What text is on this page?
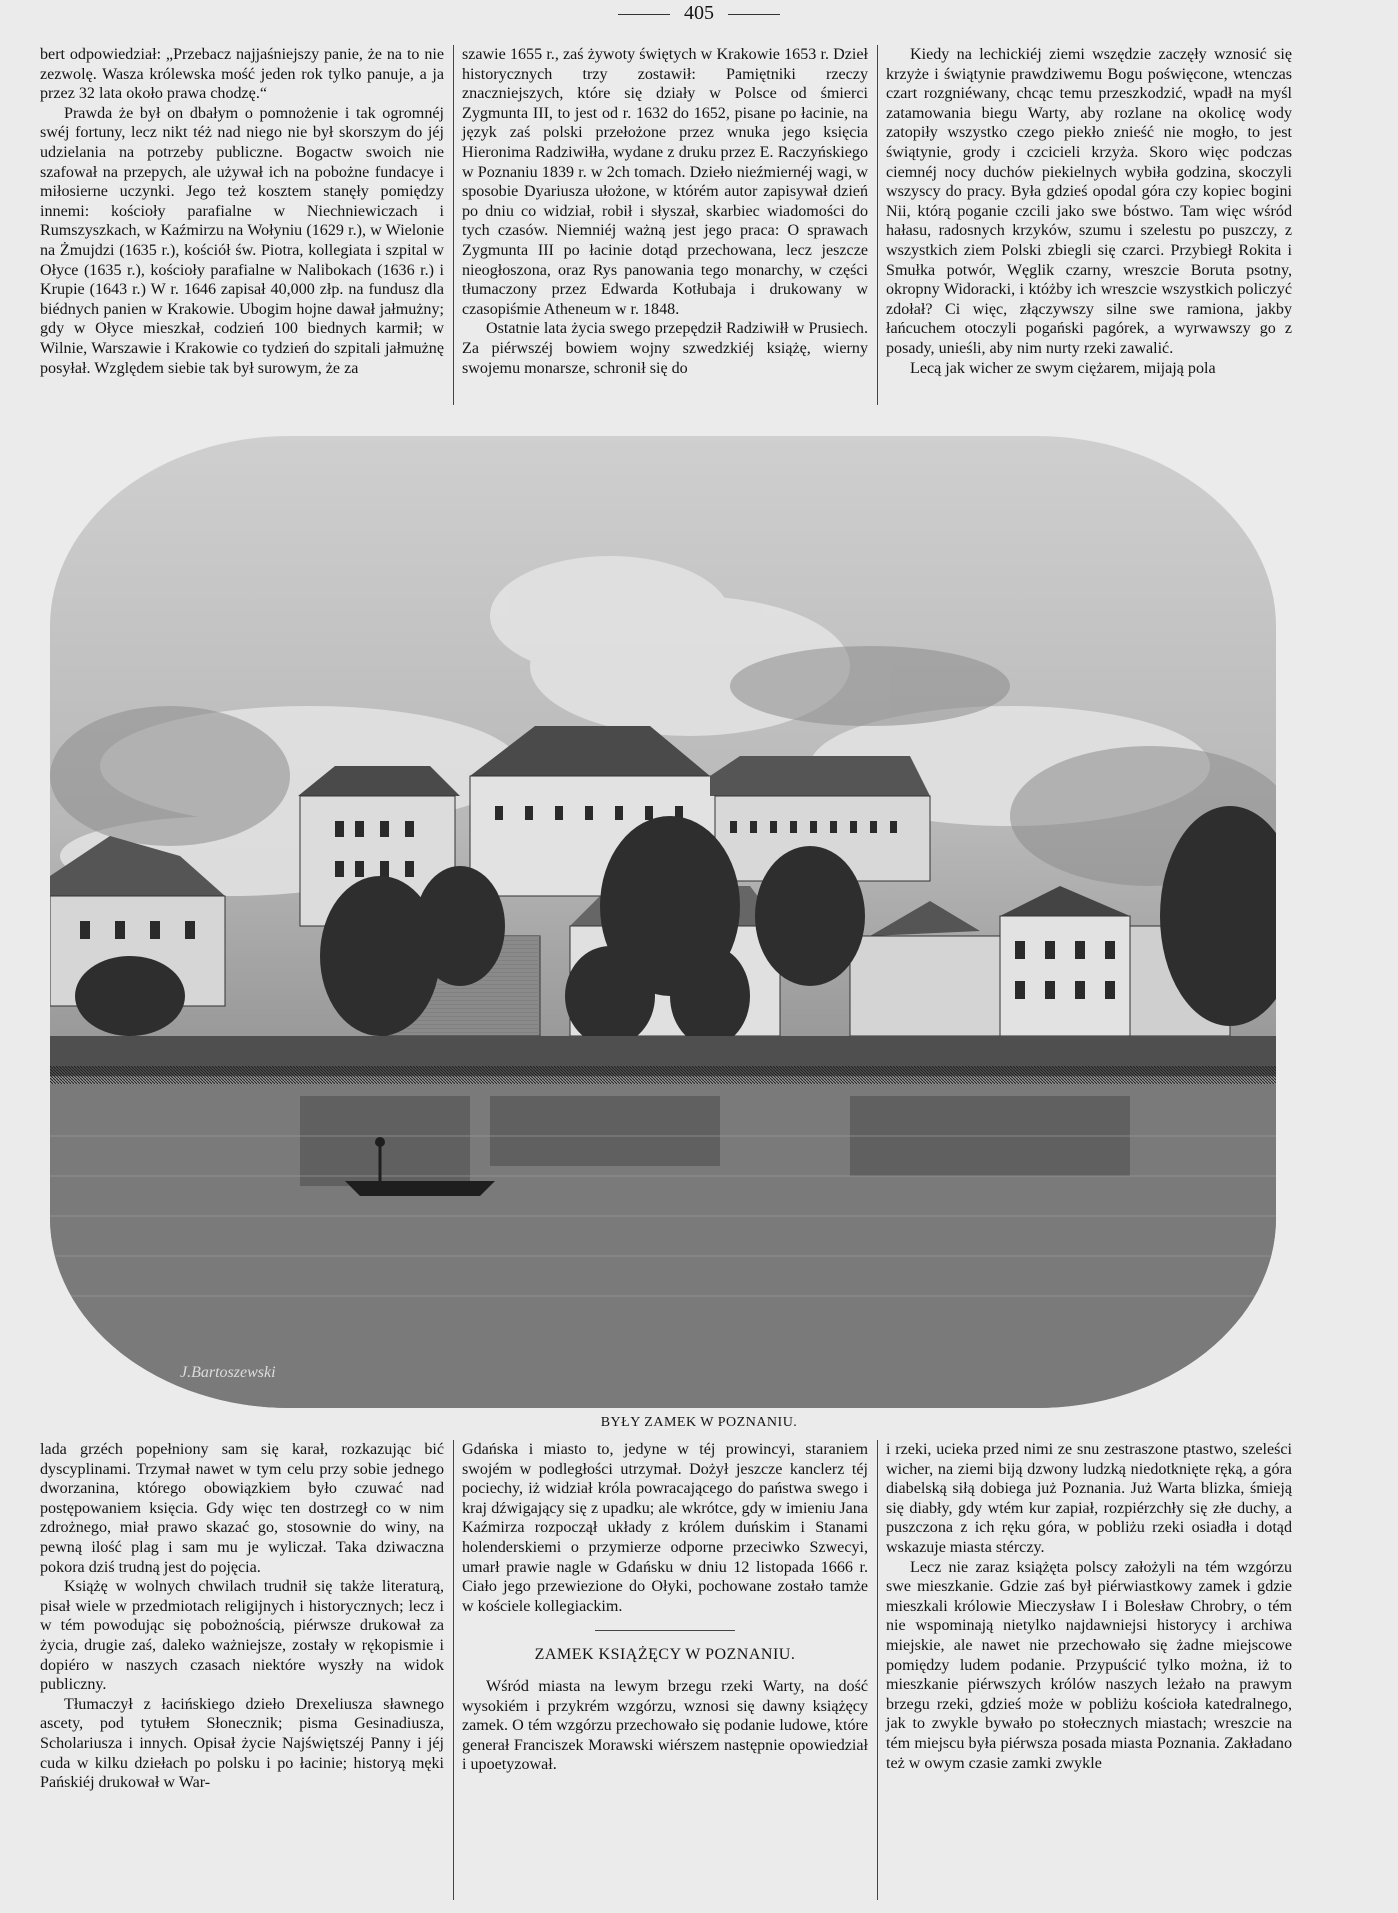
405

bert odpowiedział: „Przebacz najjaśniejszy panie, że na to nie zezwolę. Wasza królewska mość jeden rok tylko panuje, a ja przez 32 lata około prawa chodzę.“

Prawda że był on dbałym o pomnożenie i tak ogromnéj swéj fortuny, lecz nikt téż nad niego nie był skorszym do jéj udzielania na potrzeby publiczne. Bogactw swoich nie szafował na przepych, ale używał ich na pobożne fundacye i miłosierne uczynki. Jego też kosztem stanęły pomiędzy innemi: kościoły parafialne w Niechniewiczach i Rumszyszkach, w Kaźmirzu na Wołyniu (1629 r.), w Wielonie na Żmujdzi (1635 r.), kościół św. Piotra, kollegiata i szpital w Ołyce (1635 r.), kościoły parafialne w Nalibokach (1636 r.) i Krupie (1643 r.) W r. 1646 zapisał 40,000 złp. na fundusz dla biédnych panien w Krakowie. Ubogim hojne dawał jałmużny; gdy w Ołyce mieszkał, codzień 100 biednych karmił; w Wilnie, Warszawie i Krakowie co tydzień do szpitali jałmużnę posyłał. Względem siebie tak był surowym, że za

szawie 1655 r., zaś żywoty świętych w Krakowie 1653 r. Dzieł historycznych trzy zostawił: Pamiętniki rzeczy znaczniejszych, które się działy w Polsce od śmierci Zygmunta III, to jest od r. 1632 do 1652, pisane po łacinie, na język zaś polski przełożone przez wnuka jego księcia Hieronima Radziwiłła, wydane z druku przez E. Raczyńskiego w Poznaniu 1839 r. w 2ch tomach. Dzieło nieźmiernéj wagi, w sposobie Dyariusza ułożone, w którém autor zapisywał dzień po dniu co widział, robił i słyszał, skarbiec wiadomości do tych czasów. Niemniéj ważną jest jego praca: O sprawach Zygmunta III po łacinie dotąd przechowana, lecz jeszcze nieogłoszona, oraz Rys panowania tego monarchy, w części tłumaczony przez Edwarda Kotłubaja i drukowany w czasopiśmie Atheneum w r. 1848.

Ostatnie lata życia swego przepędził Radziwiłł w Prusiech. Za piérwszéj bowiem wojny szwedzkiéj książę, wierny swojemu monarsze, schronił się do

Kiedy na lechickiéj ziemi wszędzie zaczęły wznosić się krzyże i świątynie prawdziwemu Bogu poświęcone, wtenczas czart rozgniéwany, chcąc temu przeszkodzić, wpadł na myśl zatamowania biegu Warty, aby rozlane na okolicę wody zatopiły wszystko czego piekło znieść nie mogło, to jest świątynie, grody i czcicieli krzyża. Skoro więc podczas ciemnéj nocy duchów piekielnych wybiła godzina, skoczyli wszyscy do pracy. Była gdzieś opodal góra czy kopiec bogini Nii, którą poganie czcili jako swe bóstwo. Tam więc wśród hałasu, radosnych krzyków, szumu i szelestu po puszczy, z wszystkich ziem Polski zbiegli się czarci. Przybiegł Rokita i Smułka potwór, Węglik czarny, wreszcie Boruta psotny, okropny Widoracki, i któżby ich wreszcie wszystkich policzyć zdołał? Ci więc, złączywszy silne swe ramiona, jakby łańcuchem otoczyli pogański pagórek, a wyrwawszy go z posady, unieśli, aby nim nurty rzeki zawalić.

Lecą jak wicher ze swym ciężarem, mijają pola

J.Bartoszewski
BYŁY ZAMEK W POZNANIU.

lada grzéch popełniony sam się karał, rozkazując bić dyscyplinami. Trzymał nawet w tym celu przy sobie jednego dworzanina, którego obowiązkiem było czuwać nad postępowaniem księcia. Gdy więc ten dostrzegł co w nim zdrożnego, miał prawo skazać go, stosownie do winy, na pewną ilość plag i sam mu je wyliczał. Taka dziwaczna pokora dziś trudną jest do pojęcia.

Książę w wolnych chwilach trudnił się także literaturą, pisał wiele w przedmiotach religijnych i historycznych; lecz i w tém powodując się pobożnością, piérwsze drukował za życia, drugie zaś, daleko ważniejsze, zostały w rękopismie i dopiéro w naszych czasach niektóre wyszły na widok publiczny.

Tłumaczył z łacińskiego dzieło Drexeliusza sławnego ascety, pod tytułem Słonecznik; pisma Gesinadiusza, Scholariusza i innych. Opisał życie Najświętszéj Panny i jéj cuda w kilku dziełach po polsku i po łacinie; historyą męki Pańskiéj drukował w War-

Gdańska i miasto to, jedyne w téj prowincyi, staraniem swojém w podległości utrzymał. Dożył jeszcze kanclerz téj pociechy, iż widział króla powracającego do państwa swego i kraj dźwigający się z upadku; ale wkrótce, gdy w imieniu Jana Kaźmirza rozpoczął układy z królem duńskim i Stanami holenderskiemi o przymierze odporne przeciwko Szwecyi, umarł prawie nagle w Gdańsku w dniu 12 listopada 1666 r. Ciało jego przewiezione do Ołyki, pochowane zostało tamże w kościele kollegiackim.

ZAMEK KSIĄŻĘCY W POZNANIU.

Wśród miasta na lewym brzegu rzeki Warty, na dość wysokiém i przykrém wzgórzu, wznosi się dawny książęcy zamek. O tém wzgórzu przechowało się podanie ludowe, które generał Franciszek Morawski wiérszem następnie opowiedział i upoetyzował.

i rzeki, ucieka przed nimi ze snu zestraszone ptastwo, szeleści wicher, na ziemi biją dzwony ludzką niedotknięte ręką, a góra diabelską siłą dobiega już Poznania. Już Warta blizka, śmieją się diabły, gdy wtém kur zapiał, rozpiérzchły się złe duchy, a puszczona z ich ręku góra, w pobliżu rzeki osiadła i dotąd wskazuje miasta stérczy.

Lecz nie zaraz książęta polscy założyli na tém wzgórzu swe mieszkanie. Gdzie zaś był piérwiastkowy zamek i gdzie mieszkali królowie Mieczysław I i Bolesław Chrobry, o tém nie wspominają nietylko najdawniejsi historycy i archiwa miejskie, ale nawet nie przechowało się żadne miejscowe pomiędzy ludem podanie. Przypuścić tylko można, iż to mieszkanie piérwszych królów naszych leżało na prawym brzegu rzeki, gdzieś może w pobliżu kościoła katedralnego, jak to zwykle bywało po stołecznych miastach; wreszcie na tém miejscu była piérwsza posada miasta Poznania. Zakładano też w owym czasie zamki zwykle
